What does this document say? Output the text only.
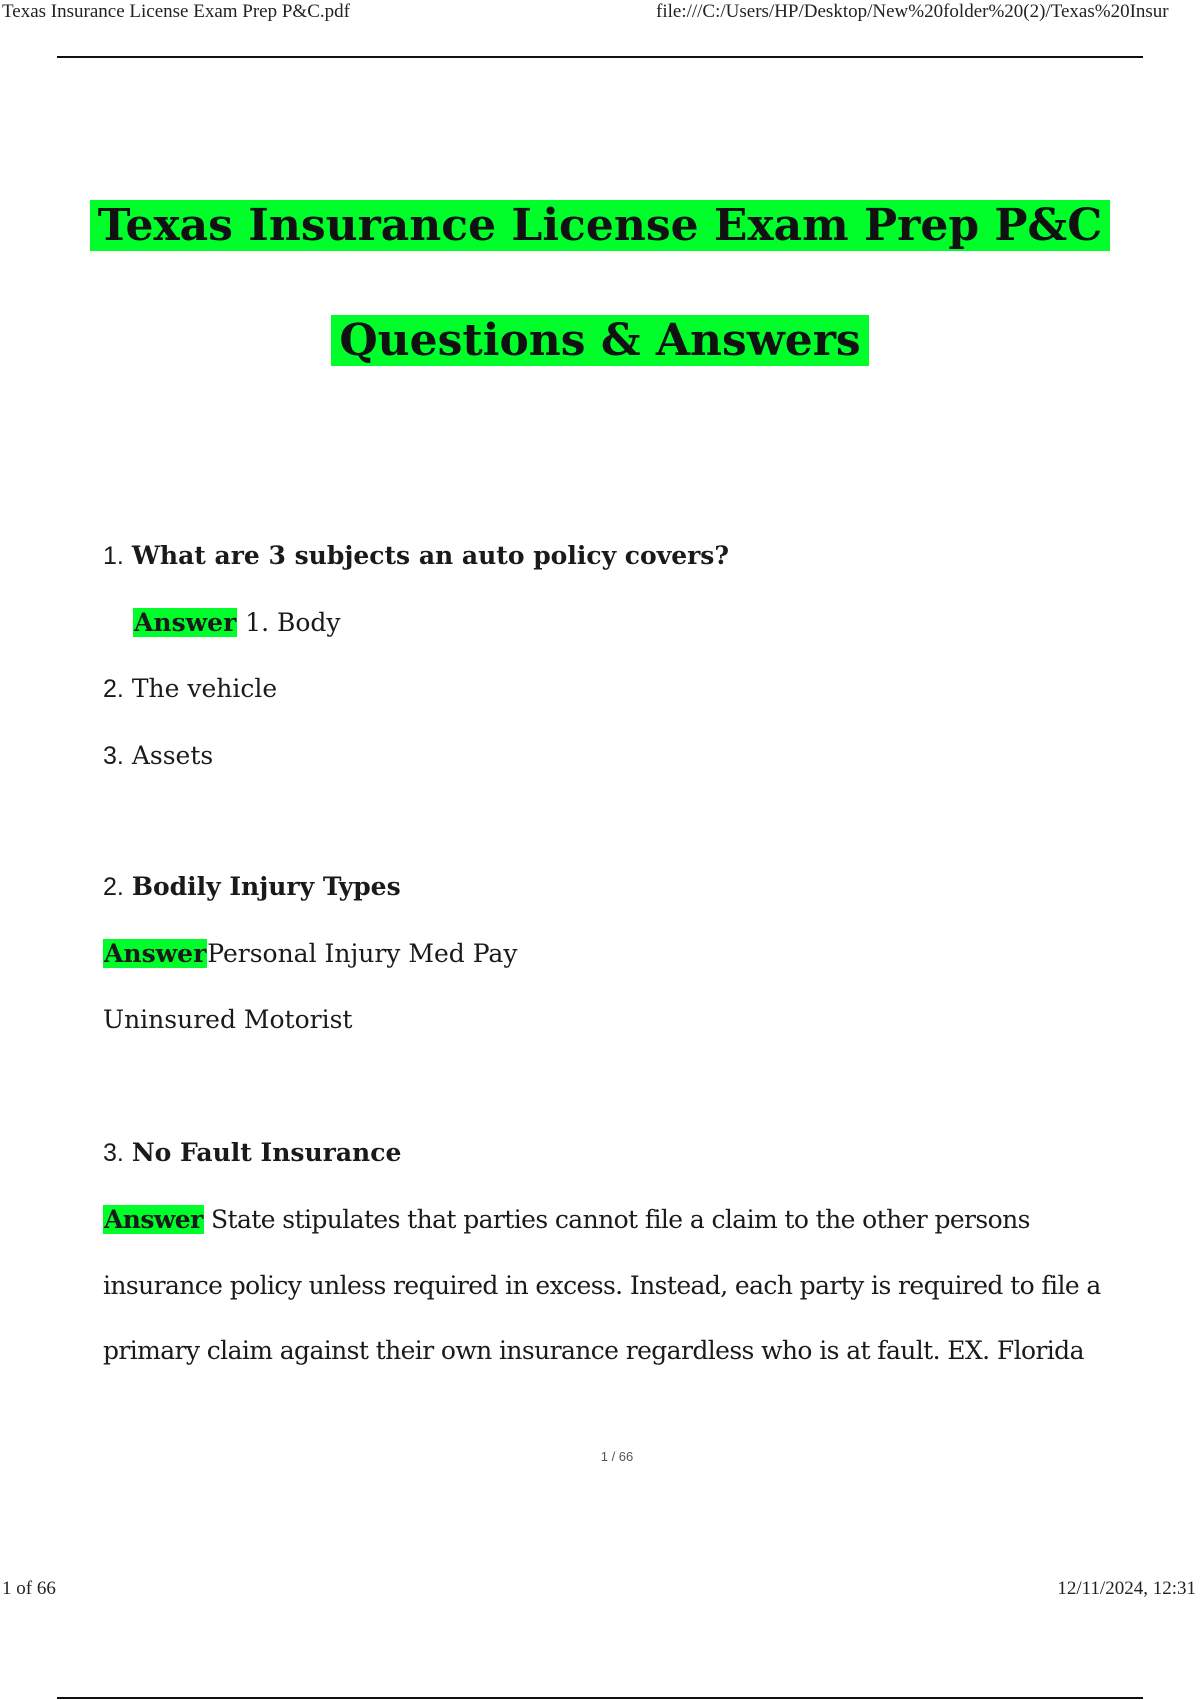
Texas Insurance License Exam Prep P&C.pdf	file:///C:/Users/HP/Desktop/New%20folder%20(2)/Texas%20Insur
Texas Insurance License Exam Prep P&C
Questions & Answers
1. What are 3 subjects an auto policy covers?
Answer 1. Body
2. The vehicle
3. Assets
2. Bodily Injury Types
AnswerPersonal Injury Med Pay
Uninsured Motorist
3. No Fault Insurance
Answer State stipulates that parties cannot file a claim to the other persons
insurance policy unless required in excess. Instead, each party is required to file a
primary claim against their own insurance regardless who is at fault. EX. Florida
1 / 66
1 of 66	12/11/2024, 12:31
